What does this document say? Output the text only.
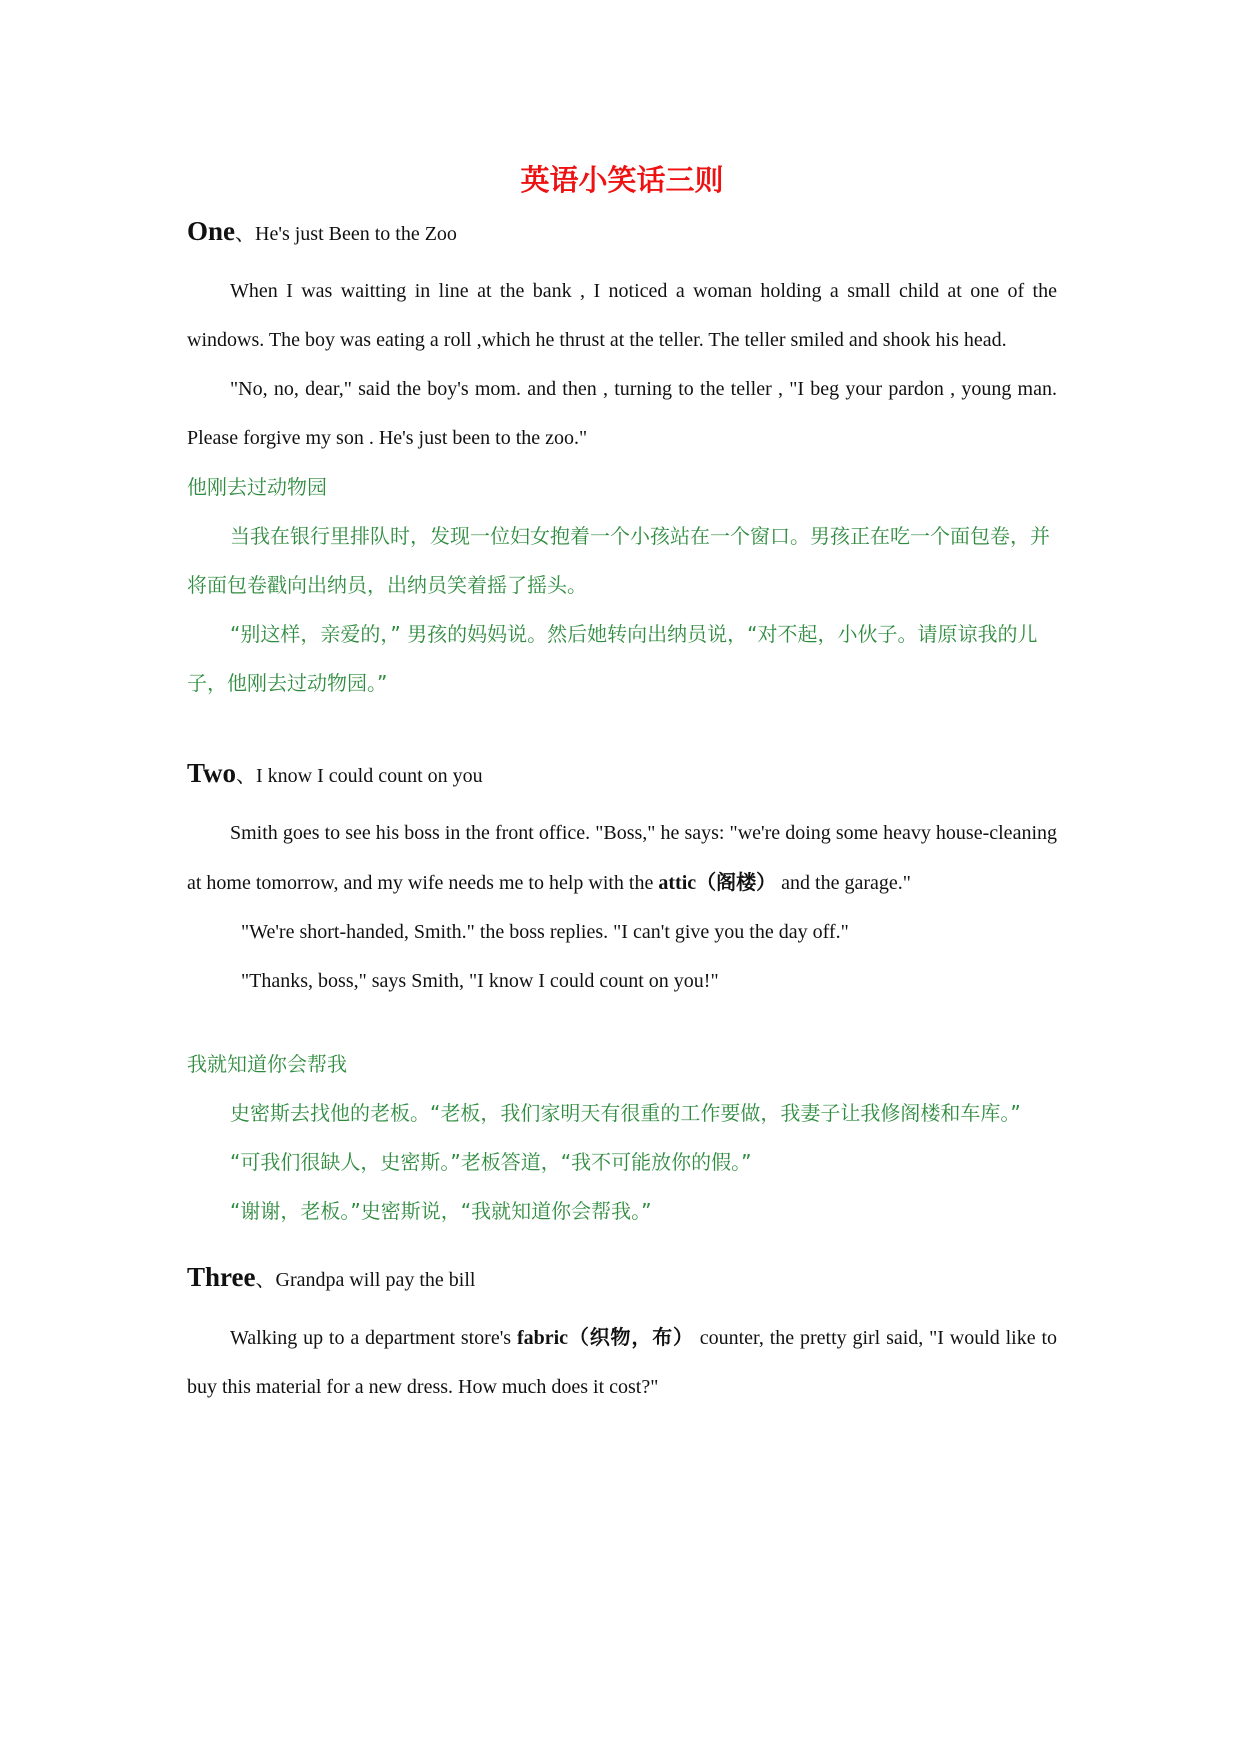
英语小笑话三则
One、He's just Been to the Zoo

When I was waitting in line at the bank , I noticed a woman holding a small child at one of the windows. The boy was eating a roll ,which he thrust at the teller. The teller smiled and shook his head.

"No, no, dear," said the boy's mom. and then , turning to the teller , "I beg your pardon , young man. Please forgive my son . He's just been to the zoo."

他刚去过动物园

当我在银行里排队时，发现一位妇女抱着一个小孩站在一个窗口。男孩正在吃一个面包卷，并将面包卷戳向出纳员，出纳员笑着摇了摇头。

“别这样，亲爱的，” 男孩的妈妈说。然后她转向出纳员说，“对不起，小伙子。请原谅我的儿子，他刚去过动物园。”

Two、I know I could count on you

Smith goes to see his boss in the front office. "Boss," he says: "we're doing some heavy house-cleaning at home tomorrow, and my wife needs me to help with the attic（阁楼） and the garage."

"We're short-handed, Smith." the boss replies. "I can't give you the day off."

"Thanks, boss," says Smith, "I know I could count on you!"

我就知道你会帮我

史密斯去找他的老板。“老板，我们家明天有很重的工作要做，我妻子让我修阁楼和车库。”

“可我们很缺人，史密斯。”老板答道，“我不可能放你的假。”

“谢谢，老板。”史密斯说，“我就知道你会帮我。”

Three、Grandpa will pay the bill

Walking up to a department store's fabric（织物，布） counter, the pretty girl said, "I would like to buy this material for a new dress. How much does it cost?"
